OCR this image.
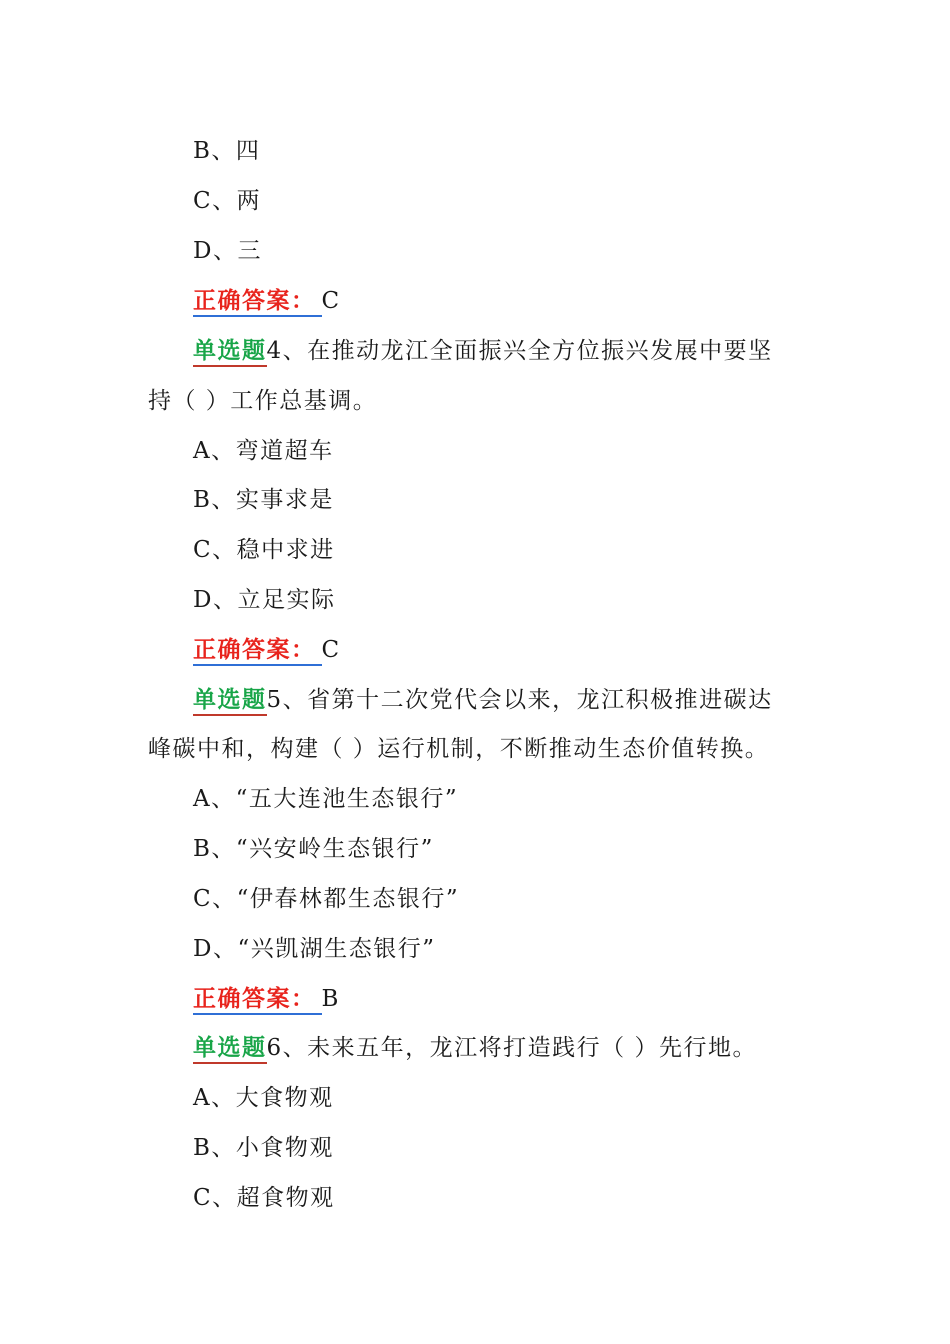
B、四
C、两
D、三
正确答案： C
单选题4、在推动龙江全面振兴全方位振兴发展中要坚
持（ ）工作总基调。
A、弯道超车
B、实事求是
C、稳中求进
D、立足实际
正确答案： C
单选题5、省第十二次党代会以来，龙江积极推进碳达
峰碳中和，构建（ ）运行机制，不断推动生态价值转换。
A、“五大连池生态银行”
B、“兴安岭生态银行”
C、“伊春林都生态银行”
D、“兴凯湖生态银行”
正确答案： B
单选题6、未来五年，龙江将打造践行（ ）先行地。
A、大食物观
B、小食物观
C、超食物观
